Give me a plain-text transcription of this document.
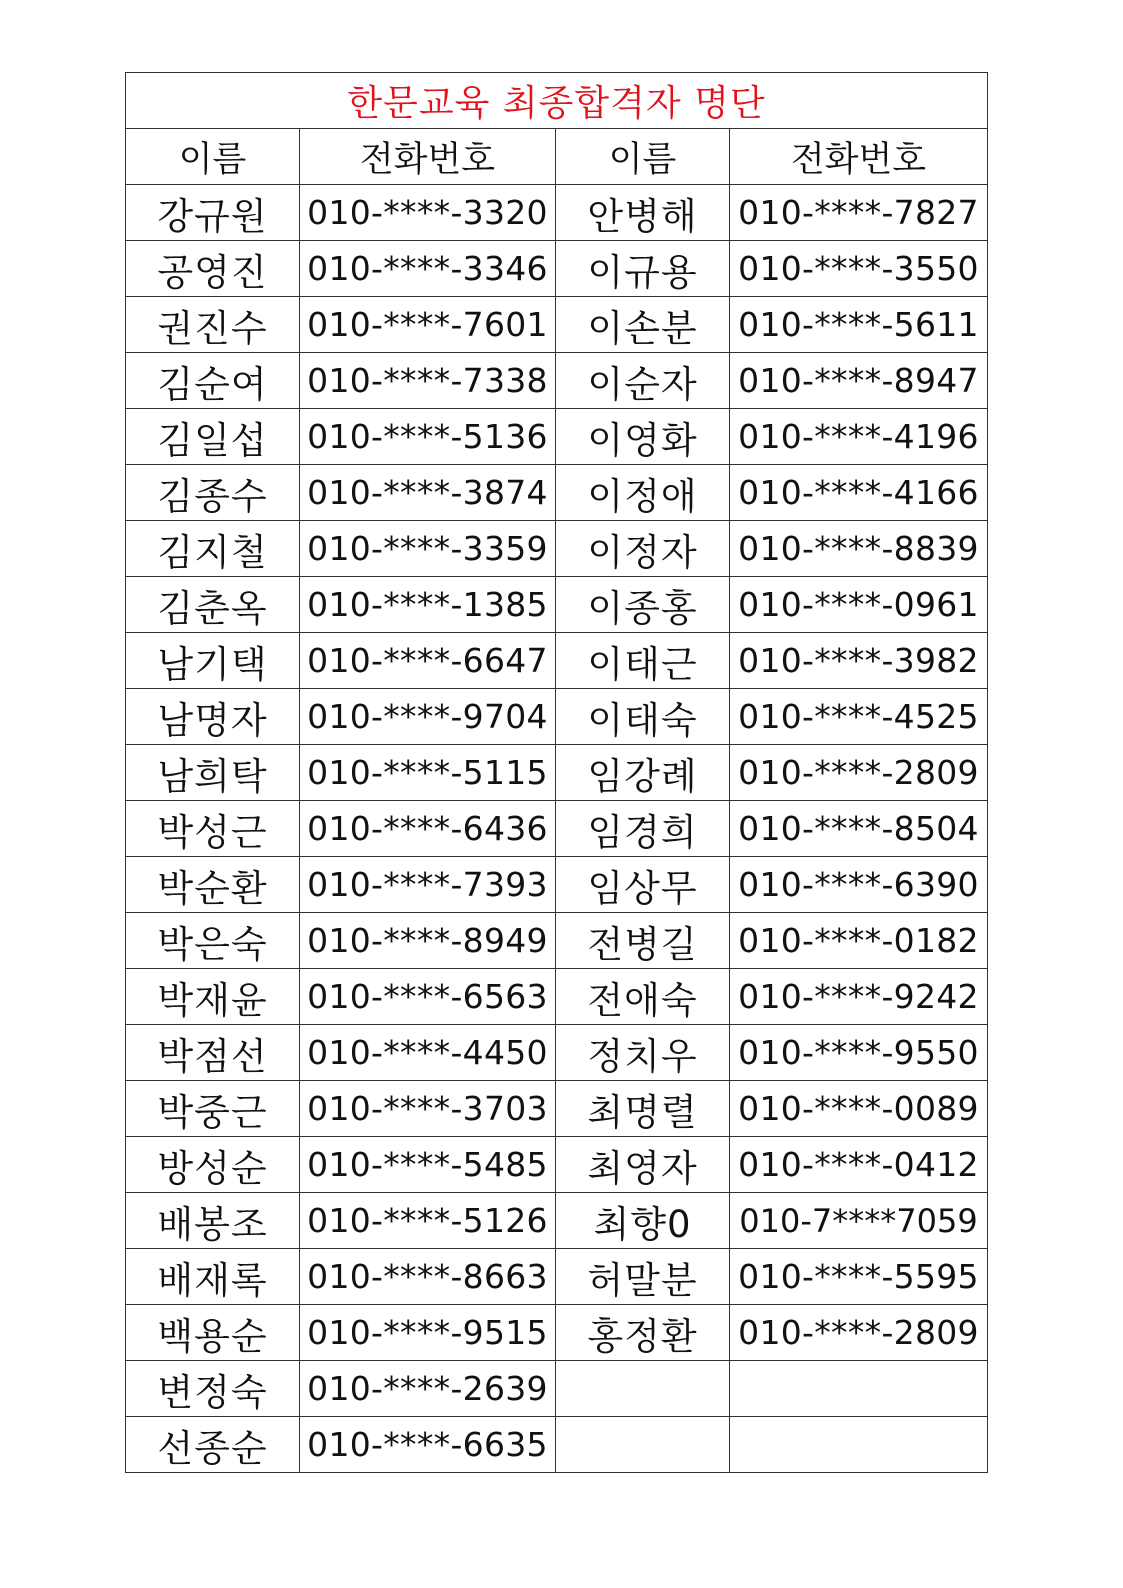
한문교육 최종합격자 명단			
이름	전화번호	이름	전화번호
강규원	010-****-3320	안병해	010-****-7827
공영진	010-****-3346	이규용	010-****-3550
권진수	010-****-7601	이손분	010-****-5611
김순여	010-****-7338	이순자	010-****-8947
김일섭	010-****-5136	이영화	010-****-4196
김종수	010-****-3874	이정애	010-****-4166
김지철	010-****-3359	이정자	010-****-8839
김춘옥	010-****-1385	이종홍	010-****-0961
남기택	010-****-6647	이태근	010-****-3982
남명자	010-****-9704	이태숙	010-****-4525
남희탁	010-****-5115	임강례	010-****-2809
박성근	010-****-6436	임경희	010-****-8504
박순환	010-****-7393	임상무	010-****-6390
박은숙	010-****-8949	전병길	010-****-0182
박재윤	010-****-6563	전애숙	010-****-9242
박점선	010-****-4450	정치우	010-****-9550
박중근	010-****-3703	최명렬	010-****-0089
방성순	010-****-5485	최영자	010-****-0412
배봉조	010-****-5126	최향0	010-7****7059
배재록	010-****-8663	허말분	010-****-5595
백용순	010-****-9515	홍정환	010-****-2809
변정숙	010-****-2639		
선종순	010-****-6635		
